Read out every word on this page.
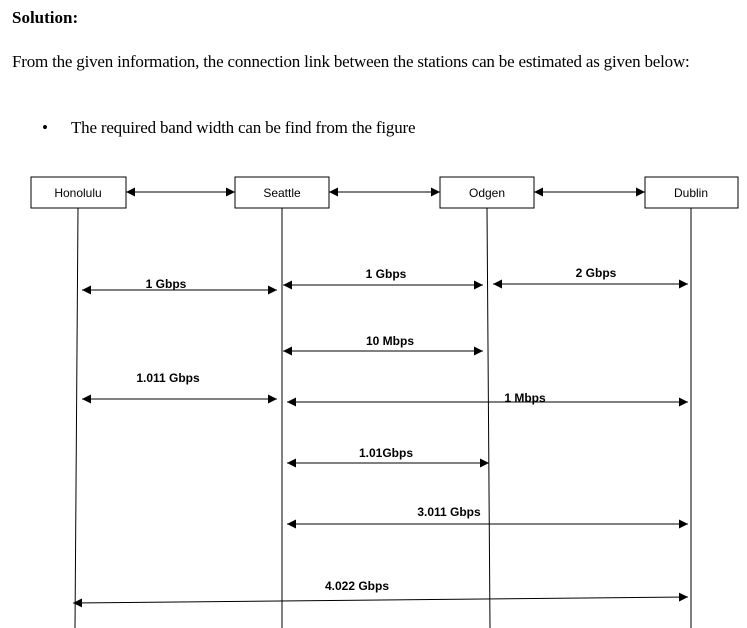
Solution:
From the given information, the connection link between the stations can be estimated as given below:
• The required band width can be find from the figure
Honolulu	Seattle	Odgen	Dublin
1 Gbps
1 Gbps	2 Gbps
10 Mbps
1.011 Gbps
1 Mbps
1.01Gbps
3.011 Gbps
4.022 Gbps
